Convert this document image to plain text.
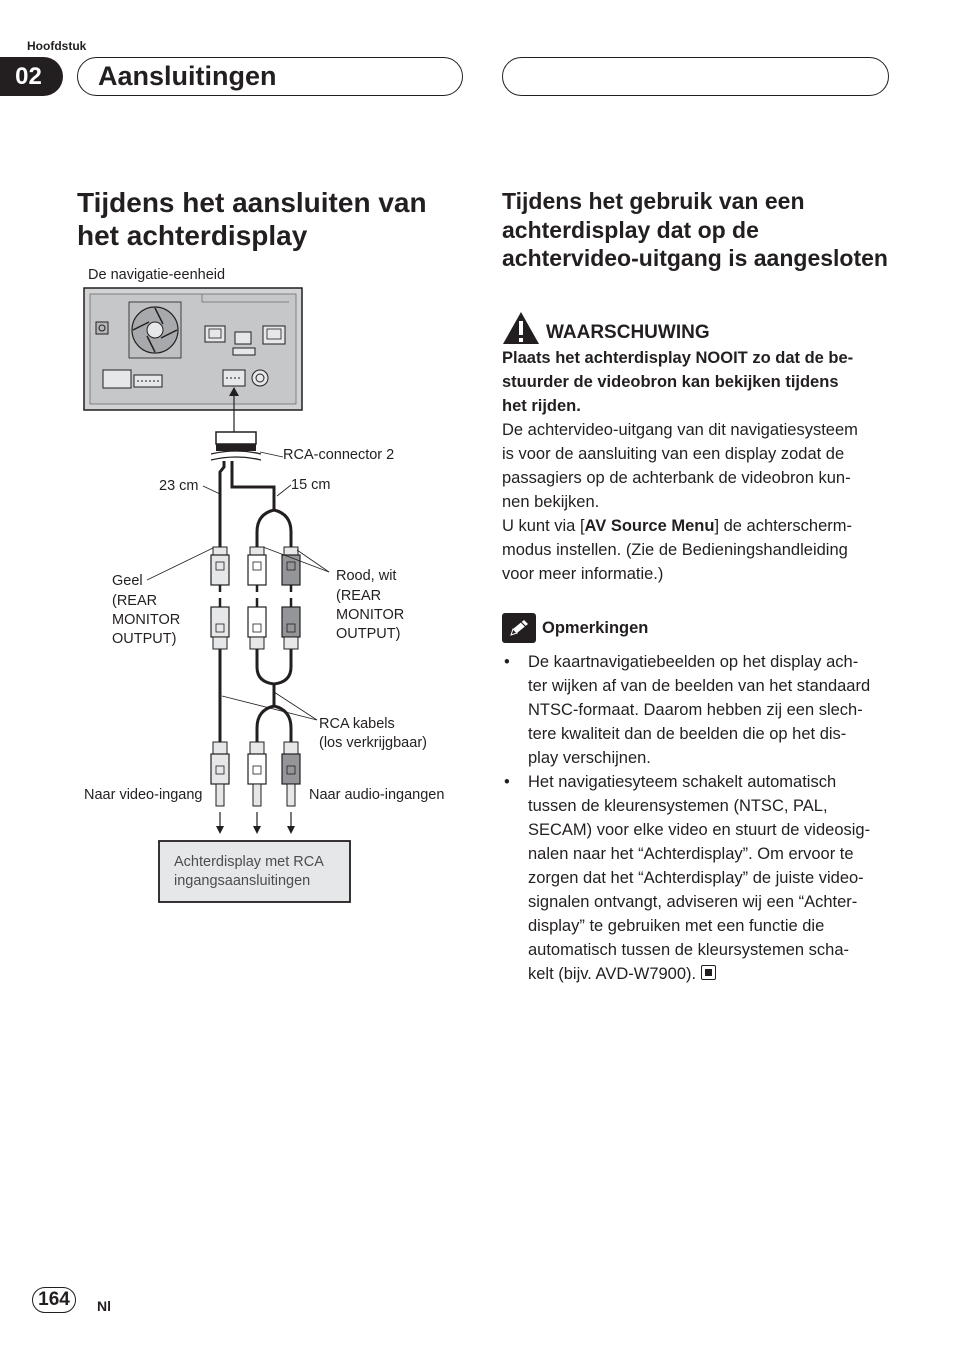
Hoofdstuk
02	Aansluitingen
Tijdens het aansluiten van het achterdisplay
De navigatie-eenheid
RCA-connector 2
23 cm	15 cm
Geel
(REAR
MONITOR
OUTPUT)
Rood, wit
(REAR
MONITOR
OUTPUT)
RCA kabels
(los verkrijgbaar)
Naar video-ingang	Naar audio-ingangen
Achterdisplay met RCA
ingangsaansluitingen
Tijdens het gebruik van een achterdisplay dat op de achtervideo-uitgang is aangesloten
WAARSCHUWING
Plaats het achterdisplay NOOIT zo dat de be-
stuurder de videobron kan bekijken tijdens
het rijden.
De achtervideo-uitgang van dit navigatiesysteem
is voor de aansluiting van een display zodat de
passagiers op de achterbank de videobron kun-
nen bekijken.
U kunt via [AV Source Menu] de achterscherm-
modus instellen. (Zie de Bedieningshandleiding
voor meer informatie.)
Opmerkingen
• De kaartnavigatiebeelden op het display ach-
ter wijken af van de beelden van het standaard
NTSC-formaat. Daarom hebben zij een slech-
tere kwaliteit dan de beelden die op het dis-
play verschijnen.
• Het navigatiesyteem schakelt automatisch
tussen de kleurensystemen (NTSC, PAL,
SECAM) voor elke video en stuurt de videosig-
nalen naar het “Achterdisplay”. Om ervoor te
zorgen dat het “Achterdisplay” de juiste video-
signalen ontvangt, adviseren wij een “Achter-
display” te gebruiken met een functie die
automatisch tussen de kleursystemen scha-
kelt (bijv. AVD-W7900).
164	Nl
